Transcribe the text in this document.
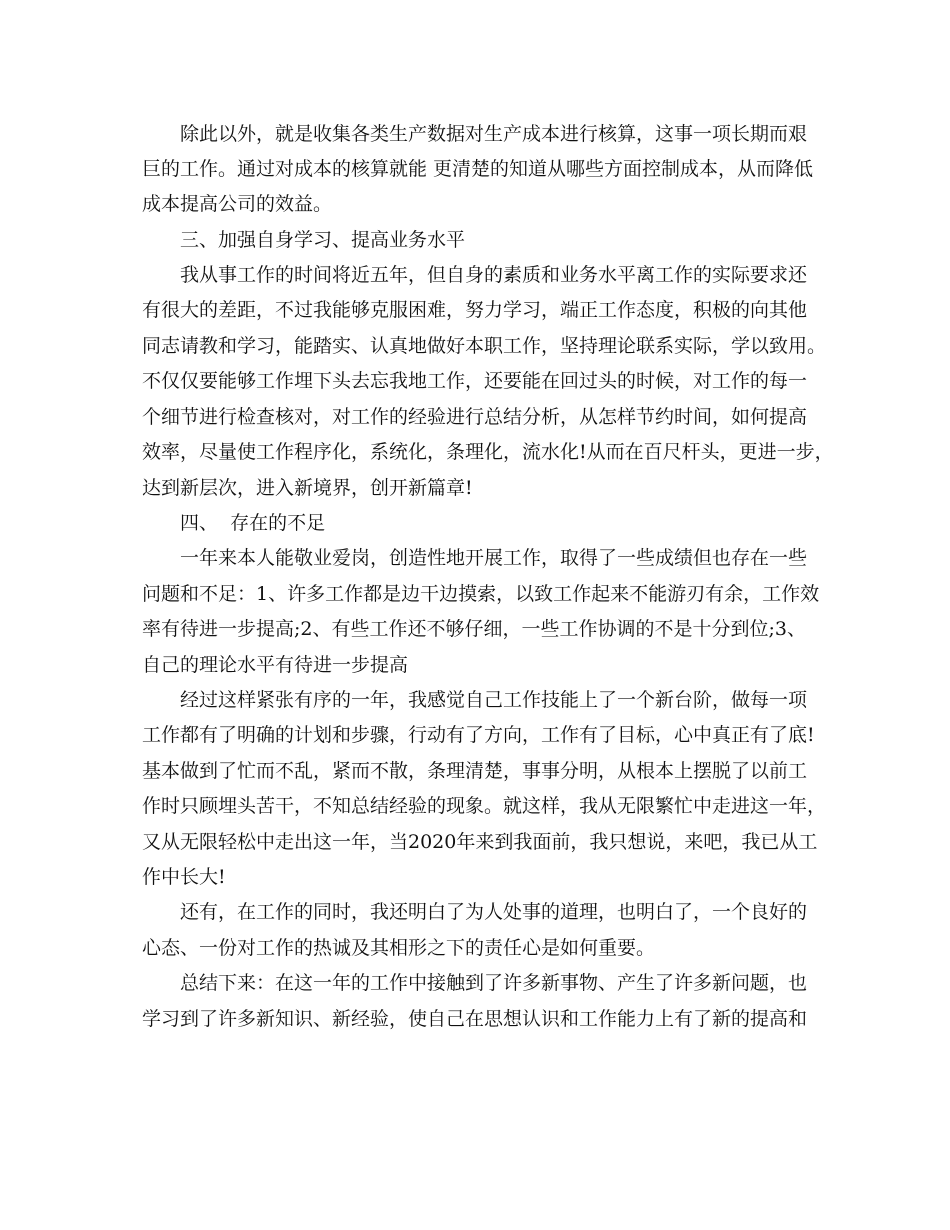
除此以外，就是收集各类生产数据对生产成本进行核算，这事一项长期而艰
巨的工作。通过对成本的核算就能 更清楚的知道从哪些方面控制成本，从而降低
成本提高公司的效益。
三、加强自身学习、提高业务水平
我从事工作的时间将近五年，但自身的素质和业务水平离工作的实际要求还
有很大的差距，不过我能够克服困难，努力学习，端正工作态度，积极的向其他
同志请教和学习，能踏实、认真地做好本职工作，坚持理论联系实际，学以致用。
不仅仅要能够工作埋下头去忘我地工作，还要能在回过头的时候，对工作的每一
个细节进行检查核对，对工作的经验进行总结分析，从怎样节约时间，如何提高
效率，尽量使工作程序化，系统化，条理化，流水化!从而在百尺杆头，更进一步，
达到新层次，进入新境界，创开新篇章!
四、  存在的不足
一年来本人能敬业爱岗，创造性地开展工作，取得了一些成绩但也存在一些
问题和不足：1、许多工作都是边干边摸索，以致工作起来不能游刃有余，工作效
率有待进一步提高;2、有些工作还不够仔细，一些工作协调的不是十分到位;3、
自己的理论水平有待进一步提高
经过这样紧张有序的一年，我感觉自己工作技能上了一个新台阶，做每一项
工作都有了明确的计划和步骤，行动有了方向，工作有了目标，心中真正有了底!
基本做到了忙而不乱，紧而不散，条理清楚，事事分明，从根本上摆脱了以前工
作时只顾埋头苦干，不知总结经验的现象。就这样，我从无限繁忙中走进这一年，
又从无限轻松中走出这一年，当2020年来到我面前，我只想说，来吧，我已从工
作中长大!
还有，在工作的同时，我还明白了为人处事的道理，也明白了，一个良好的
心态、一份对工作的热诚及其相形之下的责任心是如何重要。
总结下来：在这一年的工作中接触到了许多新事物、产生了许多新问题，也
学习到了许多新知识、新经验，使自己在思想认识和工作能力上有了新的提高和
